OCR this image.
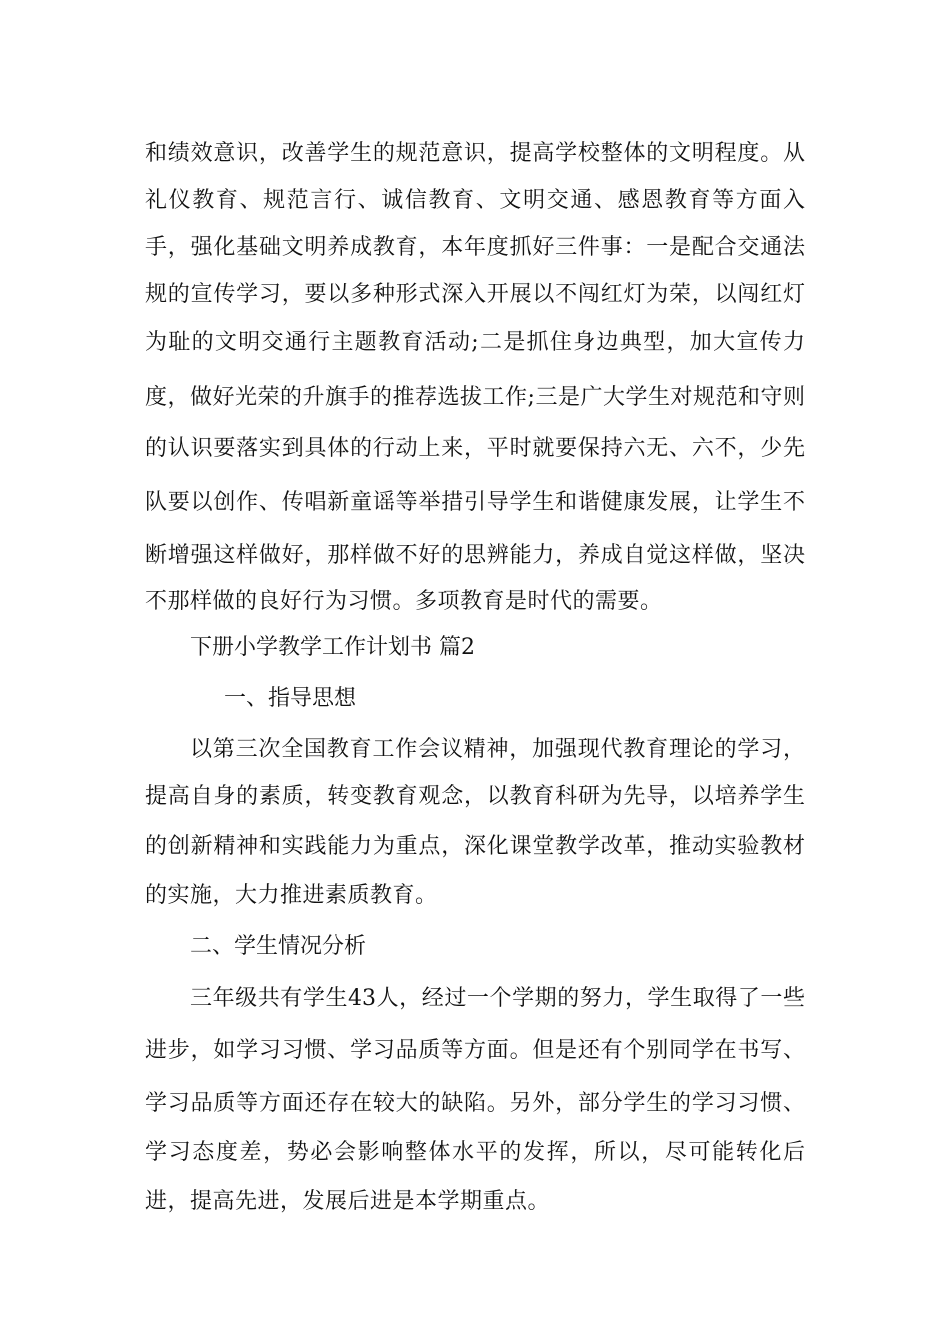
和绩效意识，改善学生的规范意识，提高学校整体的文明程度。从
礼仪教育、规范言行、诚信教育、文明交通、感恩教育等方面入
手，强化基础文明养成教育，本年度抓好三件事：一是配合交通法
规的宣传学习，要以多种形式深入开展以不闯红灯为荣，以闯红灯
为耻的文明交通行主题教育活动;二是抓住身边典型，加大宣传力
度，做好光荣的升旗手的推荐选拔工作;三是广大学生对规范和守则
的认识要落实到具体的行动上来，平时就要保持六无、六不，少先
队要以创作、传唱新童谣等举措引导学生和谐健康发展，让学生不
断增强这样做好，那样做不好的思辨能力，养成自觉这样做，坚决
不那样做的良好行为习惯。多项教育是时代的需要。
下册小学教学工作计划书 篇2
一、指导思想
以第三次全国教育工作会议精神，加强现代教育理论的学习，
提高自身的素质，转变教育观念，以教育科研为先导，以培养学生
的创新精神和实践能力为重点，深化课堂教学改革，推动实验教材
的实施，大力推进素质教育。
二、学生情况分析
三年级共有学生43人，经过一个学期的努力，学生取得了一些
进步，如学习习惯、学习品质等方面。但是还有个别同学在书写、
学习品质等方面还存在较大的缺陷。另外，部分学生的学习习惯、
学习态度差，势必会影响整体水平的发挥，所以，尽可能转化后
进，提高先进，发展后进是本学期重点。
